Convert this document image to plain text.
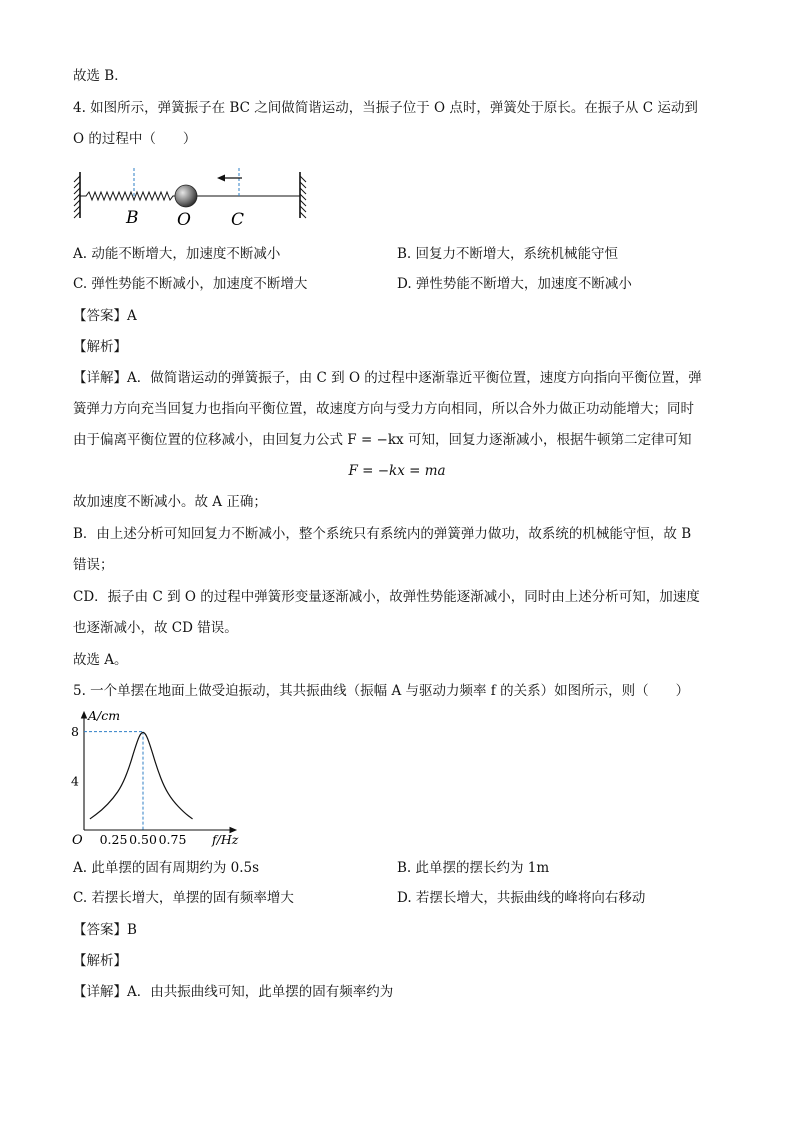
故选 B．
4. 如图所示，弹簧振子在 BC 之间做简谐运动，当振子位于 O 点时，弹簧处于原长。在振子从 C 运动到
O 的过程中（　　）
B O C
A. 动能不断增大，加速度不断减小	B. 回复力不断增大，系统机械能守恒
C. 弹性势能不断减小，加速度不断增大	D. 弹性势能不断增大，加速度不断减小
【答案】A
【解析】
【详解】A．做简谐运动的弹簧振子，由 C 到 O 的过程中逐渐靠近平衡位置，速度方向指向平衡位置，弹
簧弹力方向充当回复力也指向平衡位置，故速度方向与受力方向相同，所以合外力做正功动能增大；同时
由于偏离平衡位置的位移减小，由回复力公式 F = −kx 可知，回复力逐渐减小，根据牛顿第二定律可知
F = −kx = ma
故加速度不断减小。故 A 正确；
B．由上述分析可知回复力不断减小，整个系统只有系统内的弹簧弹力做功，故系统的机械能守恒，故 B
错误；
CD．振子由 C 到 O 的过程中弹簧形变量逐渐减小，故弹性势能逐渐减小，同时由上述分析可知，加速度
也逐渐减小，故 CD 错误。
故选 A。
5. 一个单摆在地面上做受迫振动，其共振曲线（振幅 A 与驱动力频率 f 的关系）如图所示，则（　　）
A/cm
f/Hz
O 0.25 0.50 0.75
4
8
A. 此单摆的固有周期约为 0.5s	B. 此单摆的摆长约为 1m
C. 若摆长增大，单摆的固有频率增大	D. 若摆长增大，共振曲线的峰将向右移动
【答案】B
【解析】
【详解】A．由共振曲线可知，此单摆的固有频率约为
